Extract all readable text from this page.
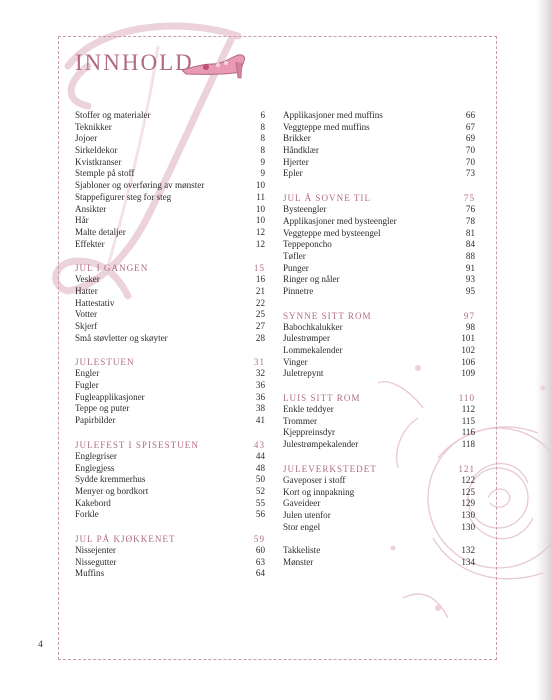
INNHOLD
Stoffer og materialer	6
Teknikker	8
Jojoer	8
Sirkeldekor	8
Kvistkranser	9
Stemple på stoff	9
Sjabloner og overføring av mønster	10
Stappefigurer steg for steg	11
Ansikter	10
Hår	10
Malte detaljer	12
Effekter	12
JUL I GANGEN	15
Vesker	16
Hatter	21
Hattestativ	22
Votter	25
Skjerf	27
Små støvletter og skøyter	28
JULESTUEN	31
Engler	32
Fugler	36
Fugleapplikasjoner	36
Teppe og puter	38
Papirbilder	41
JULEFEST I SPISESTUEN	43
Englegriser	44
Englegjess	48
Sydde kremmerhus	50
Menyer og bordkort	52
Kakebord	55
Forkle	56
JUL PÅ KJØKKENET	59
Nissejenter	60
Nissegutter	63
Muffins	64
Applikasjoner med muffins	66
Veggteppe med muffins	67
Brikker	69
Håndklær	70
Hjerter	70
Epler	73
JUL Å SOVNE TIL	75
Bysteengler	76
Applikasjoner med bysteengler	78
Veggteppe med bysteengel	81
Teppeponcho	84
Tøfler	88
Punger	91
Ringer og nåler	93
Pinnetre	95
SYNNE SITT ROM	97
Babochkalukker	98
Julestrømper	101
Lommekalender	102
Vinger	106
Juletrepynt	109
LUIS SITT ROM	110
Enkle teddyer	112
Trommer	115
Kjeppreinsdyr	116
Julestrømpekalender	118
JULEVERKSTEDET	121
Gaveposer i stoff	122
Kort og innpakning	125
Gaveideer	129
Julen utenfor	130
Stor engel	130
Takkeliste	132
Mønster	134
4
